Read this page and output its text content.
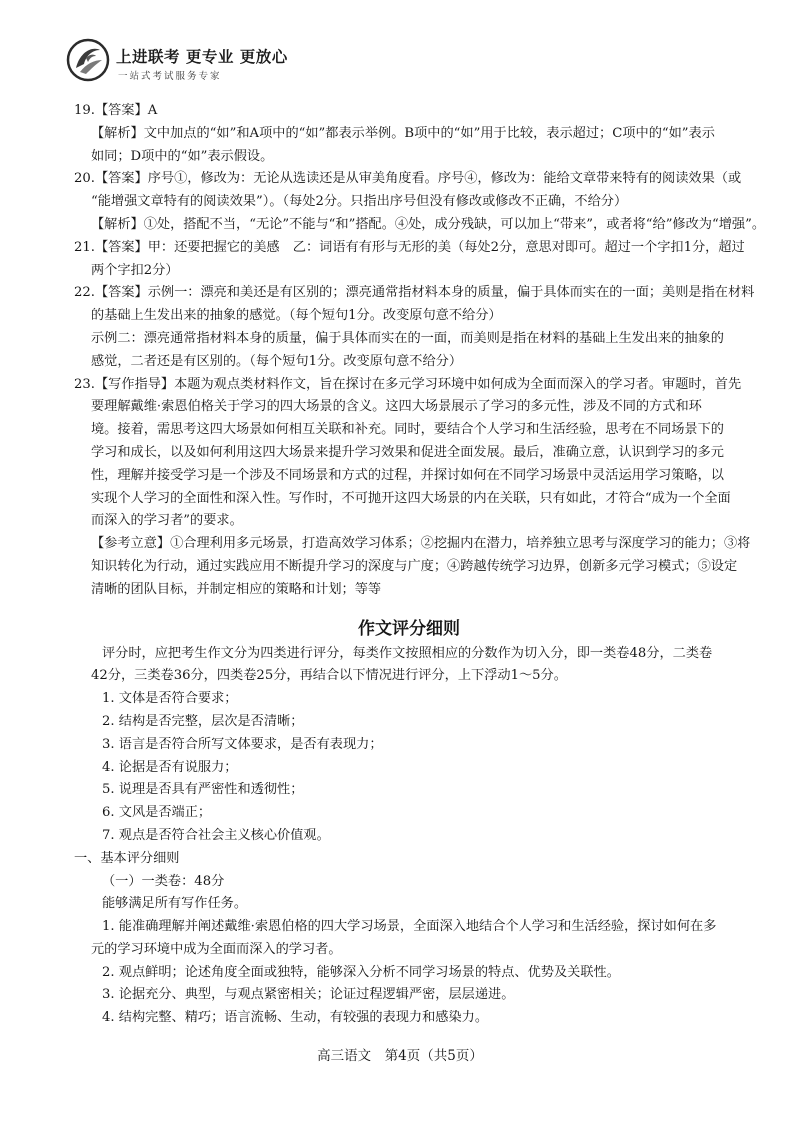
上进联考 更专业 更放心
一站式考试服务专家
19.【答案】A
【解析】文中加点的“如”和A项中的“如”都表示举例。B项中的“如”用于比较，表示超过；C项中的“如”表示
如同；D项中的“如”表示假设。
20.【答案】序号①，修改为：无论从选读还是从审美角度看。序号④，修改为：能给文章带来特有的阅读效果（或
“能增强文章特有的阅读效果”）。（每处2分。只指出序号但没有修改或修改不正确，不给分）
【解析】①处，搭配不当，“无论”不能与“和”搭配。④处，成分残缺，可以加上“带来”，或者将“给”修改为“增强”。
21.【答案】甲：还要把握它的美感　乙：词语有有形与无形的美（每处2分，意思对即可。超过一个字扣1分，超过
两个字扣2分）
22.【答案】示例一：漂亮和美还是有区别的；漂亮通常指材料本身的质量，偏于具体而实在的一面；美则是指在材料
的基础上生发出来的抽象的感觉。（每个短句1分。改变原句意不给分）
示例二：漂亮通常指材料本身的质量，偏于具体而实在的一面，而美则是指在材料的基础上生发出来的抽象的
感觉，二者还是有区别的。（每个短句1分。改变原句意不给分）
23.【写作指导】本题为观点类材料作文，旨在探讨在多元学习环境中如何成为全面而深入的学习者。审题时，首先
要理解戴维·索恩伯格关于学习的四大场景的含义。这四大场景展示了学习的多元性，涉及不同的方式和环
境。接着，需思考这四大场景如何相互关联和补充。同时，要结合个人学习和生活经验，思考在不同场景下的
学习和成长，以及如何利用这四大场景来提升学习效果和促进全面发展。最后，准确立意，认识到学习的多元
性，理解并接受学习是一个涉及不同场景和方式的过程，并探讨如何在不同学习场景中灵活运用学习策略，以
实现个人学习的全面性和深入性。写作时，不可抛开这四大场景的内在关联，只有如此，才符合“成为一个全面
而深入的学习者”的要求。
【参考立意】①合理利用多元场景，打造高效学习体系；②挖掘内在潜力，培养独立思考与深度学习的能力；③将
知识转化为行动，通过实践应用不断提升学习的深度与广度；④跨越传统学习边界，创新多元学习模式；⑤设定
清晰的团队目标，并制定相应的策略和计划；等等
作文评分细则
评分时，应把考生作文分为四类进行评分，每类作文按照相应的分数作为切入分，即一类卷48分，二类卷
42分，三类卷36分，四类卷25分，再结合以下情况进行评分，上下浮动1～5分。
1. 文体是否符合要求；
2. 结构是否完整，层次是否清晰；
3. 语言是否符合所写文体要求，是否有表现力；
4. 论据是否有说服力；
5. 说理是否具有严密性和透彻性；
6. 文风是否端正；
7. 观点是否符合社会主义核心价值观。
一、基本评分细则
（一）一类卷：48分
能够满足所有写作任务。
1. 能准确理解并阐述戴维·索恩伯格的四大学习场景，全面深入地结合个人学习和生活经验，探讨如何在多
元的学习环境中成为全面而深入的学习者。
2. 观点鲜明；论述角度全面或独特，能够深入分析不同学习场景的特点、优势及关联性。
3. 论据充分、典型，与观点紧密相关；论证过程逻辑严密，层层递进。
4. 结构完整、精巧；语言流畅、生动，有较强的表现力和感染力。
高三语文　第4页（共5页）
